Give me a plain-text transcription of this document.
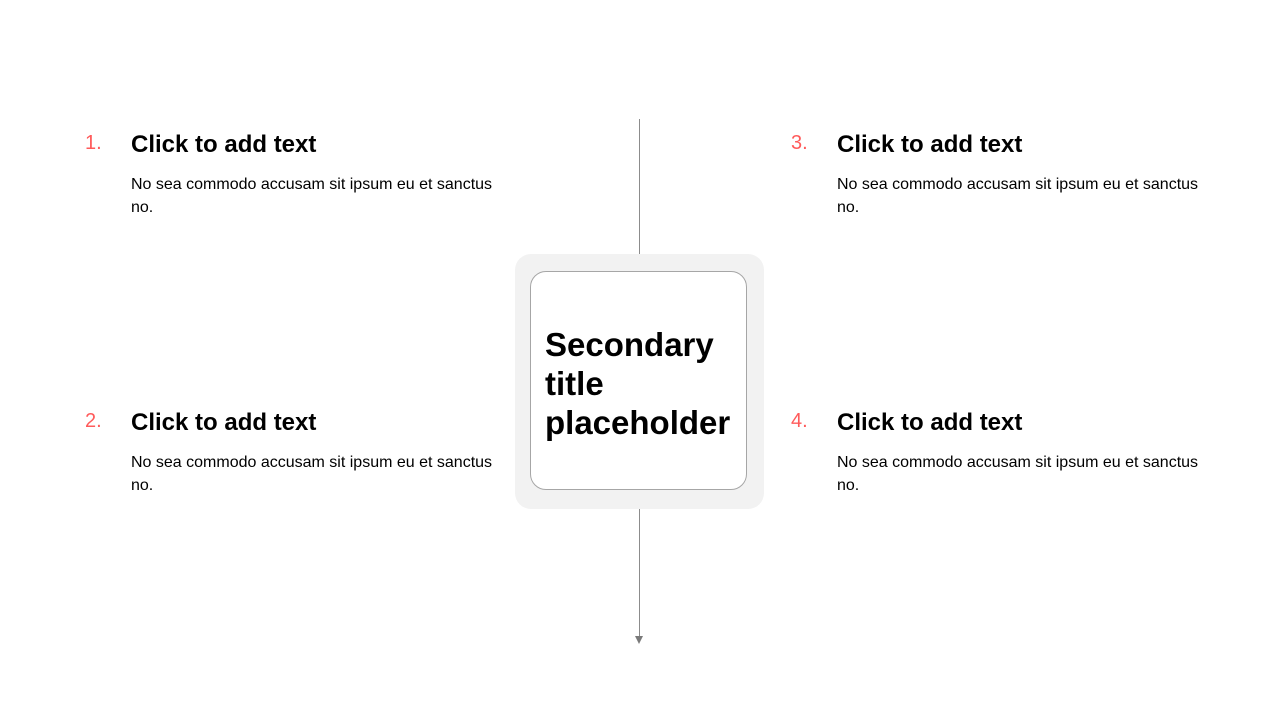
Secondary title placeholder
1. Click to add text
No sea commodo accusam sit ipsum eu et sanctus no.
2. Click to add text
No sea commodo accusam sit ipsum eu et sanctus no.
3. Click to add text
No sea commodo accusam sit ipsum eu et sanctus no.
4. Click to add text
No sea commodo accusam sit ipsum eu et sanctus no.
